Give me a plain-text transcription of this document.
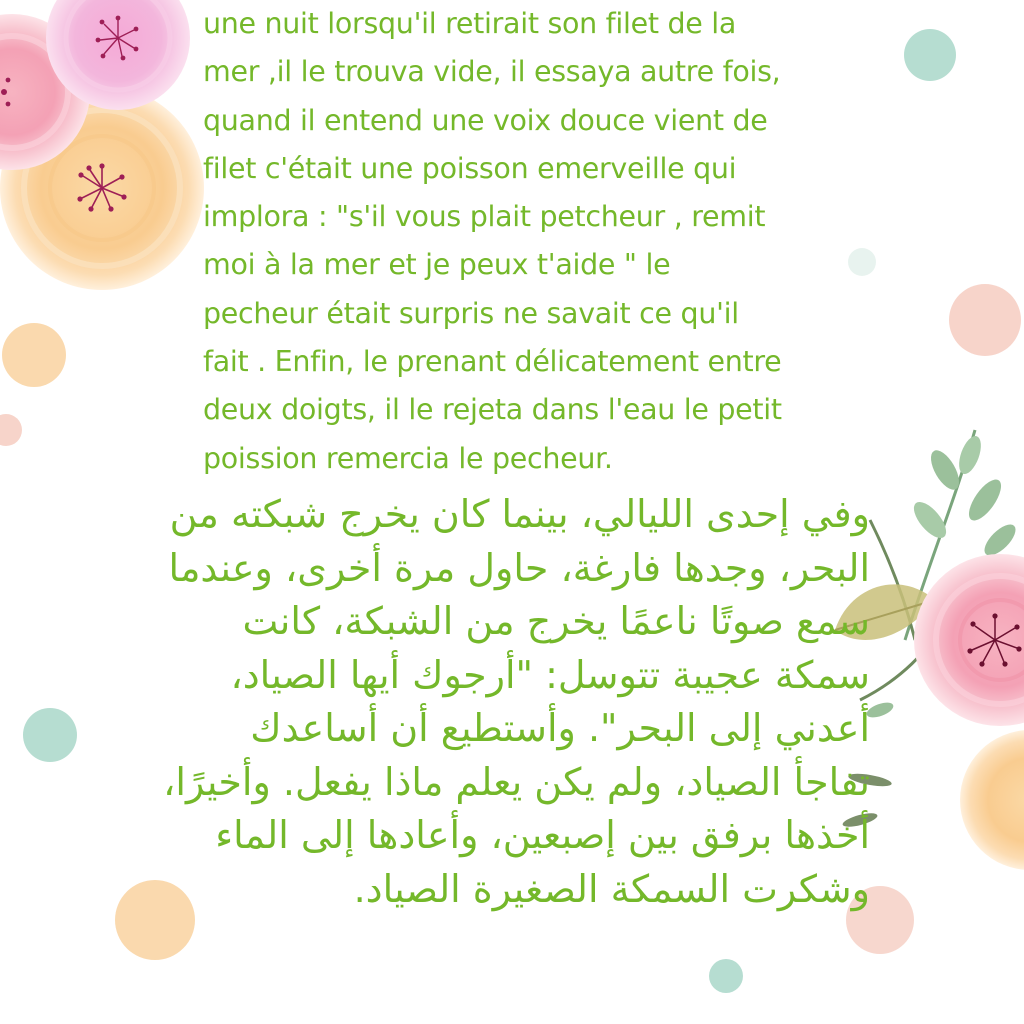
une nuit lorsqu'il retirait son filet de la
mer ,il le trouva vide, il essaya autre fois,
quand il entend une voix douce vient de
filet c'était une poisson emerveille qui
implora : "s'il vous plait petcheur , remit
moi à la mer et je peux t'aide " le
pecheur était surpris ne savait ce qu'il
fait . Enfin, le prenant délicatement entre
deux doigts, il le rejeta dans l'eau le petit
poission remercia le pecheur.

وفي إحدى الليالي، بينما كان يخرج شبكته من
البحر، وجدها فارغة، حاول مرة أخرى، وعندما
سمع صوتًا ناعمًا يخرج من الشبكة، كانت
سمكة عجيبة تتوسل: "أرجوك أيها الصياد،
أعدني إلى البحر". وأستطيع أن أساعدك
تفاجأ الصياد، ولم يكن يعلم ماذا يفعل. وأخيرًا،
أخذها برفق بين إصبعين، وأعادها إلى الماء
وشكرت السمكة الصغيرة الصياد.
